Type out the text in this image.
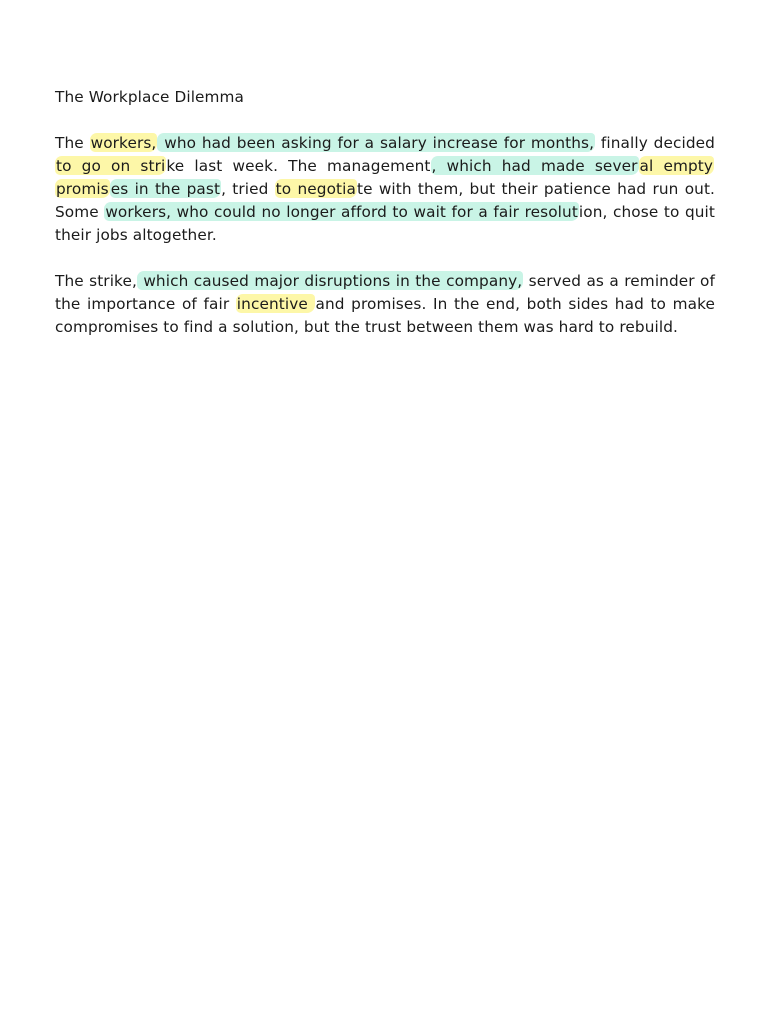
The Workplace Dilemma

The workers, who had been asking for a salary increase for months, finally decided to go on strike last week. The management, which had made sever al empty promis es in the past, tried to negotiate with them, but their patience had run out. Some workers, who could no longer afford to wait for a fair resolution, chose to quit their jobs altogether.

The strike, which caused major disruptions in the company, served as a reminder of the importance of fair incentive and promises. In the end, both sides had to make compromises to find a solution, but the trust between them was hard to rebuild.
